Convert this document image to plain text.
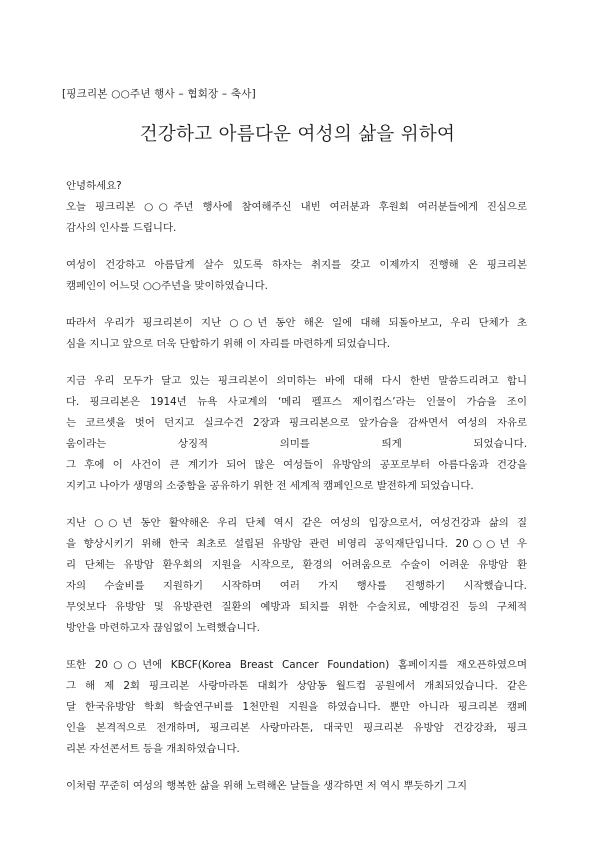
[핑크리본 ○○주년 행사 – 협회장 – 축사]
건강하고 아름다운 여성의 삶을 위하여
안녕하세요?
오늘 핑크리본 ○○주년 행사에 참여해주신 내빈 여러분과 후원회 여러분들에게 진심으로
감사의 인사를 드립니다.
여성이 건강하고 아름답게 살수 있도록 하자는 취지를 갖고 이제까지 진행해 온 핑크리본
캠페인이 어느덧 ○○주년을 맞이하였습니다.
따라서 우리가 핑크리본이 지난 ○○년 동안 해온 일에 대해 되돌아보고, 우리 단체가 초
심을 지니고 앞으로 더욱 단합하기 위해 이 자리를 마련하게 되었습니다.
지금 우리 모두가 달고 있는 핑크리본이 의미하는 바에 대해 다시 한번 말씀드리려고 합니
다. 핑크리본은 1914년 뉴욕 사교계의 ‘메리 펠프스 제이컵스’라는 인물이 가슴을 조이
는 코르셋을 벗어 던지고 실크수건 2장과 핑크리본으로 앞가슴을 감싸면서 여성의 자유로
움이라는 상징적 의미를 띄게 되었습니다.
그 후에 이 사건이 큰 계기가 되어 많은 여성들이 유방암의 공포로부터 아름다움과 건강을
지키고 나아가 생명의 소중함을 공유하기 위한 전 세계적 캠페인으로 발전하게 되었습니다.
지난 ○○년 동안 활약해온 우리 단체 역시 같은 여성의 입장으로서, 여성건강과 삶의 질
을 향상시키기 위해 한국 최초로 설립된 유방암 관련 비영리 공익재단입니다. 20○○년 우
리 단체는 유방암 환우회의 지원을 시작으로, 환경의 어려움으로 수술이 어려운 유방암 환
자의 수술비를 지원하기 시작하며 여러 가지 행사를 진행하기 시작했습니다.
무엇보다 유방암 및 유방관련 질환의 예방과 퇴치를 위한 수술치료, 예방검진 등의 구체적
방안을 마련하고자 끊임없이 노력했습니다.
또한 20○○년에 KBCF(Korea Breast Cancer Foundation) 홈페이지를 재오픈하였으며
그 해 제 2회 핑크리본 사랑마라톤 대회가 상암동 월드컵 공원에서 개최되었습니다. 같은
달 한국유방암 학회 학술연구비를 1천만원 지원을 하였습니다. 뿐만 아니라 핑크리본 캠페
인을 본격적으로 전개하며, 핑크리본 사랑마라톤, 대국민 핑크리본 유방암 건강강좌, 핑크
리본 자선콘서트 등을 개최하였습니다.
이처럼 꾸준히 여성의 행복한 삶을 위해 노력해온 날들을 생각하면 저 역시 뿌듯하기 그지
